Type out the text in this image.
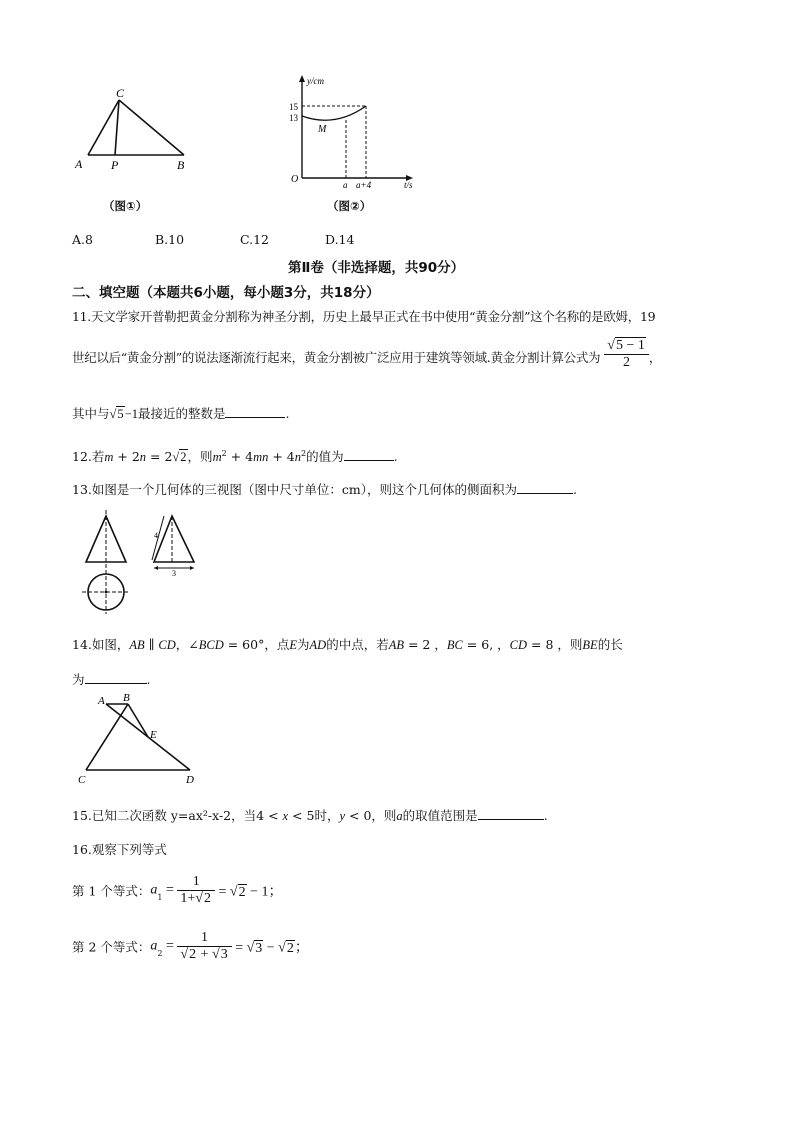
C
A P	B
（图①）
y/cm
15
13
M
O	a a+4	t/s
（图②）
A.8	B.10	C.12	D.14
第Ⅱ卷（非选择题，共90分）
二、填空题（本题共6小题，每小题3分，共18分）
11.天文学家开普勒把黄金分割称为神圣分割，历史上最早正式在书中使用“黄金分割”这个名称的是欧姆，19
世纪以后“黄金分割”的说法逐渐流行起来，黄金分割被广泛应用于建筑等领域.黄金分割计算公式为 $\frac{√5 - 1}{2}$ ，
其中与√5−1最接近的整数是	.
12.若m + 2n = 2√2，则$m^2 + 4mn + 4n^2$的值为	.
13.如图是一个几何体的三视图（图中尺寸单位：cm），则这个几何体的侧面积为	.
4
3
14.如图，AB ∥ CD，∠BCD = 60°，点E为AD的中点，若AB = 2 ，BC = 6, ，CD = 8 ，则BE的长
为	.
A B
E
C	D
15.已知二次函数 y=ax²-x-2，当4 < x < 5时，y < 0，则a的取值范围是	.
16.观察下列等式
第 1 个等式：$a_1 = \frac{1}{1+√2} = √2 - 1$；
第 2 个等式：$a_2 = \frac{1}{√2 + √3} = √3 - √2$；
